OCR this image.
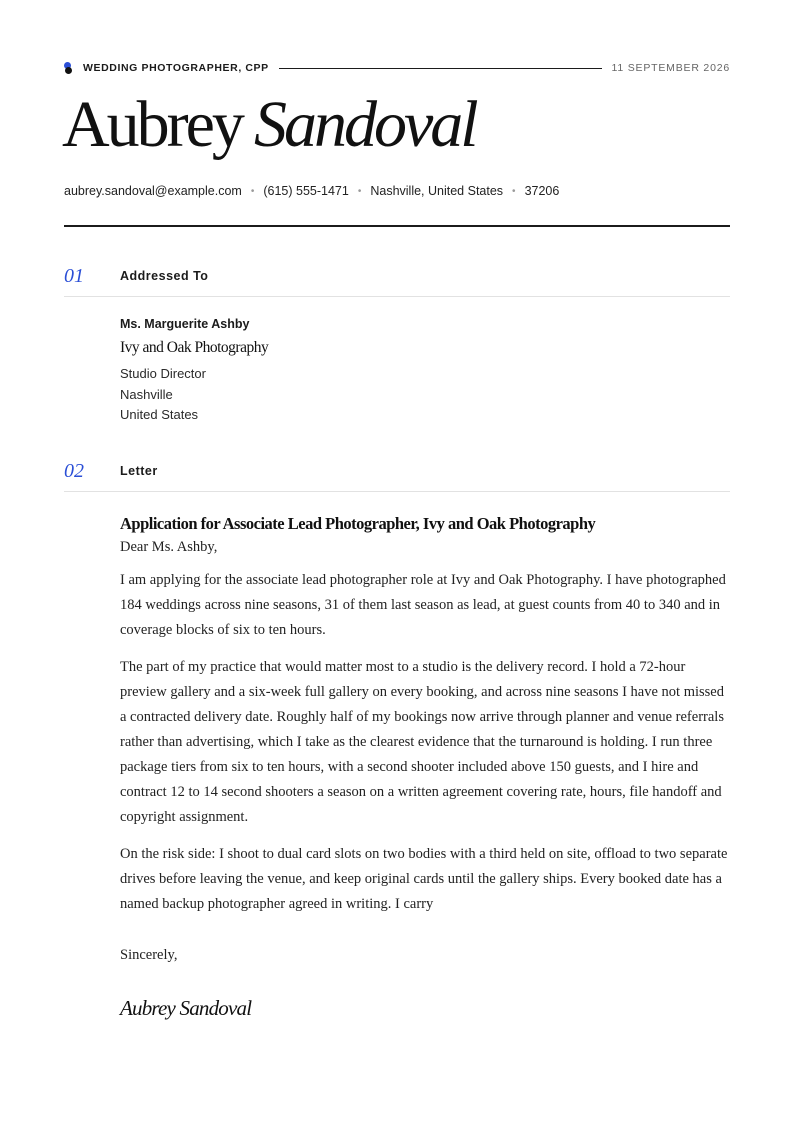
WEDDING PHOTOGRAPHER, CPP	11 SEPTEMBER 2026
Aubrey Sandoval
aubrey.sandoval@example.com • (615) 555-1471 • Nashville, United States • 37206
01	Addressed To
Ms. Marguerite Ashby
Ivy and Oak Photography
Studio Director
Nashville
United States
02	Letter
Application for Associate Lead Photographer, Ivy and Oak Photography

Dear Ms. Ashby,

I am applying for the associate lead photographer role at Ivy and Oak Photography. I have photographed 184 weddings across nine seasons, 31 of them last season as lead, at guest counts from 40 to 340 and in coverage blocks of six to ten hours.

The part of my practice that would matter most to a studio is the delivery record. I hold a 72-hour preview gallery and a six-week full gallery on every booking, and across nine seasons I have not missed a contracted delivery date. Roughly half of my bookings now arrive through planner and venue referrals rather than advertising, which I take as the clearest evidence that the turnaround is holding. I run three package tiers from six to ten hours, with a second shooter included above 150 guests, and I hire and contract 12 to 14 second shooters a season on a written agreement covering rate, hours, file handoff and copyright assignment.

On the risk side: I shoot to dual card slots on two bodies with a third held on site, offload to two separate drives before leaving the venue, and keep original cards until the gallery ships. Every booked date has a named backup photographer agreed in writing. I carry

Sincerely,
Aubrey Sandoval
